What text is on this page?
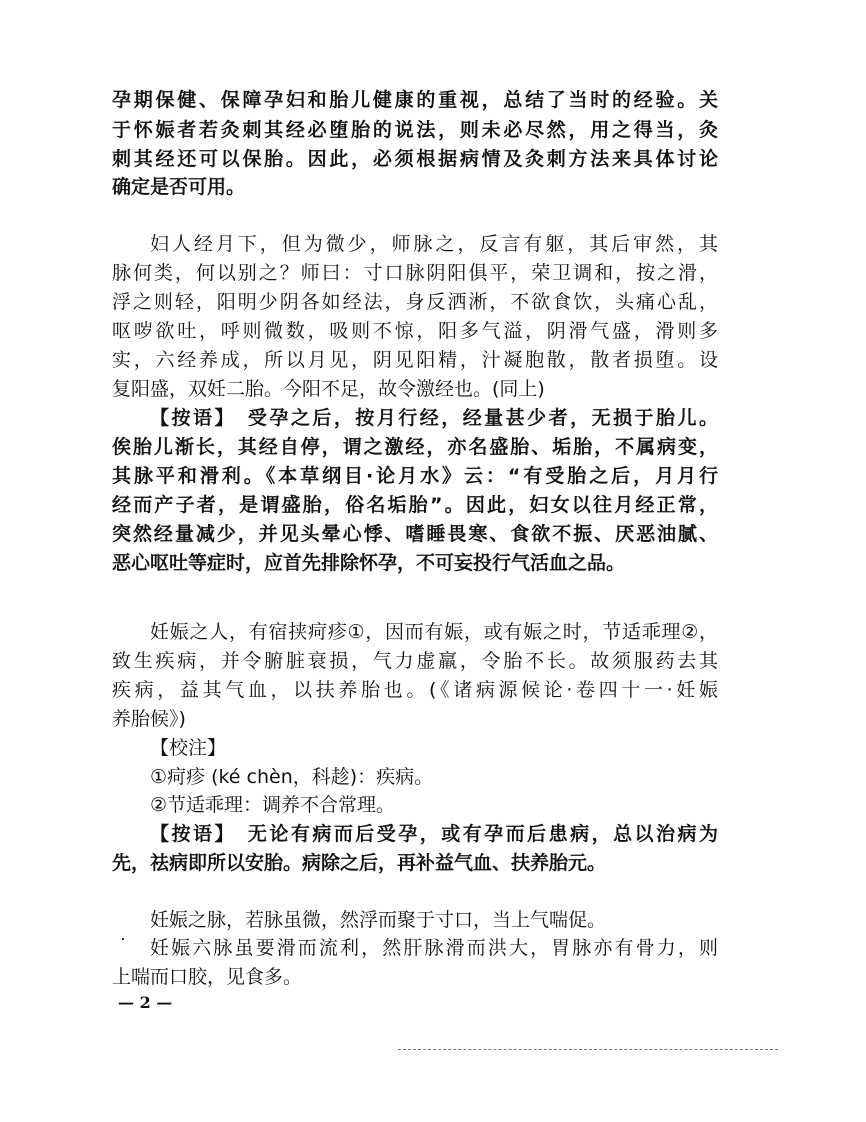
孕期保健、保障孕妇和胎儿健康的重视，总结了当时的经验。关
于怀娠者若灸刺其经必堕胎的说法，则未必尽然，用之得当，灸
刺其经还可以保胎。因此，必须根据病情及灸刺方法来具体讨论
确定是否可用。
妇人经月下，但为微少，师脉之，反言有躯，其后审然，其
脉何类，何以别之？师曰：寸口脉阴阳俱平，荣卫调和，按之滑，
浮之则轻，阳明少阴各如经法，身反洒淅，不欲食饮，头痛心乱，
呕哕欲吐，呼则微数，吸则不惊，阳多气溢，阴滑气盛，滑则多
实，六经养成，所以月见，阴见阳精，汁凝胞散，散者损堕。设
复阳盛，双妊二胎。今阳不足，故令激经也。(同上)
【按语】　受孕之后，按月行经，经量甚少者，无损于胎儿。
俟胎儿渐长，其经自停，谓之激经，亦名盛胎、垢胎，不属病变，
其脉平和滑利。《本草纲目·论月水》云：“有受胎之后，月月行
经而产子者，是谓盛胎，俗名垢胎”。因此，妇女以往月经正常，
突然经量减少，并见头晕心悸、嗜睡畏寒、食欲不振、厌恶油腻、
恶心呕吐等症时，应首先排除怀孕，不可妄投行气活血之品。
妊娠之人，有宿挟疴疹①，因而有娠，或有娠之时，节适乖理②，
致生疾病，并令腑脏衰损，气力虚羸，令胎不长。故须服药去其
疾病，益其气血，以扶养胎也。(《诸病源候论·卷四十一·妊娠
养胎候》)
【校注】
①疴疹 (ké chèn，科趁)：疾病。
②节适乖理：调养不合常理。
【按语】　无论有病而后受孕，或有孕而后患病，总以治病为
先，祛病即所以安胎。病除之后，再补益气血、扶养胎元。
妊娠之脉，若脉虽微，然浮而聚于寸口，当上气喘促。
妊娠六脉虽要滑而流利，然肝脉滑而洪大，胃脉亦有骨力，则
上喘而口胶，见食多。
— 2 —
